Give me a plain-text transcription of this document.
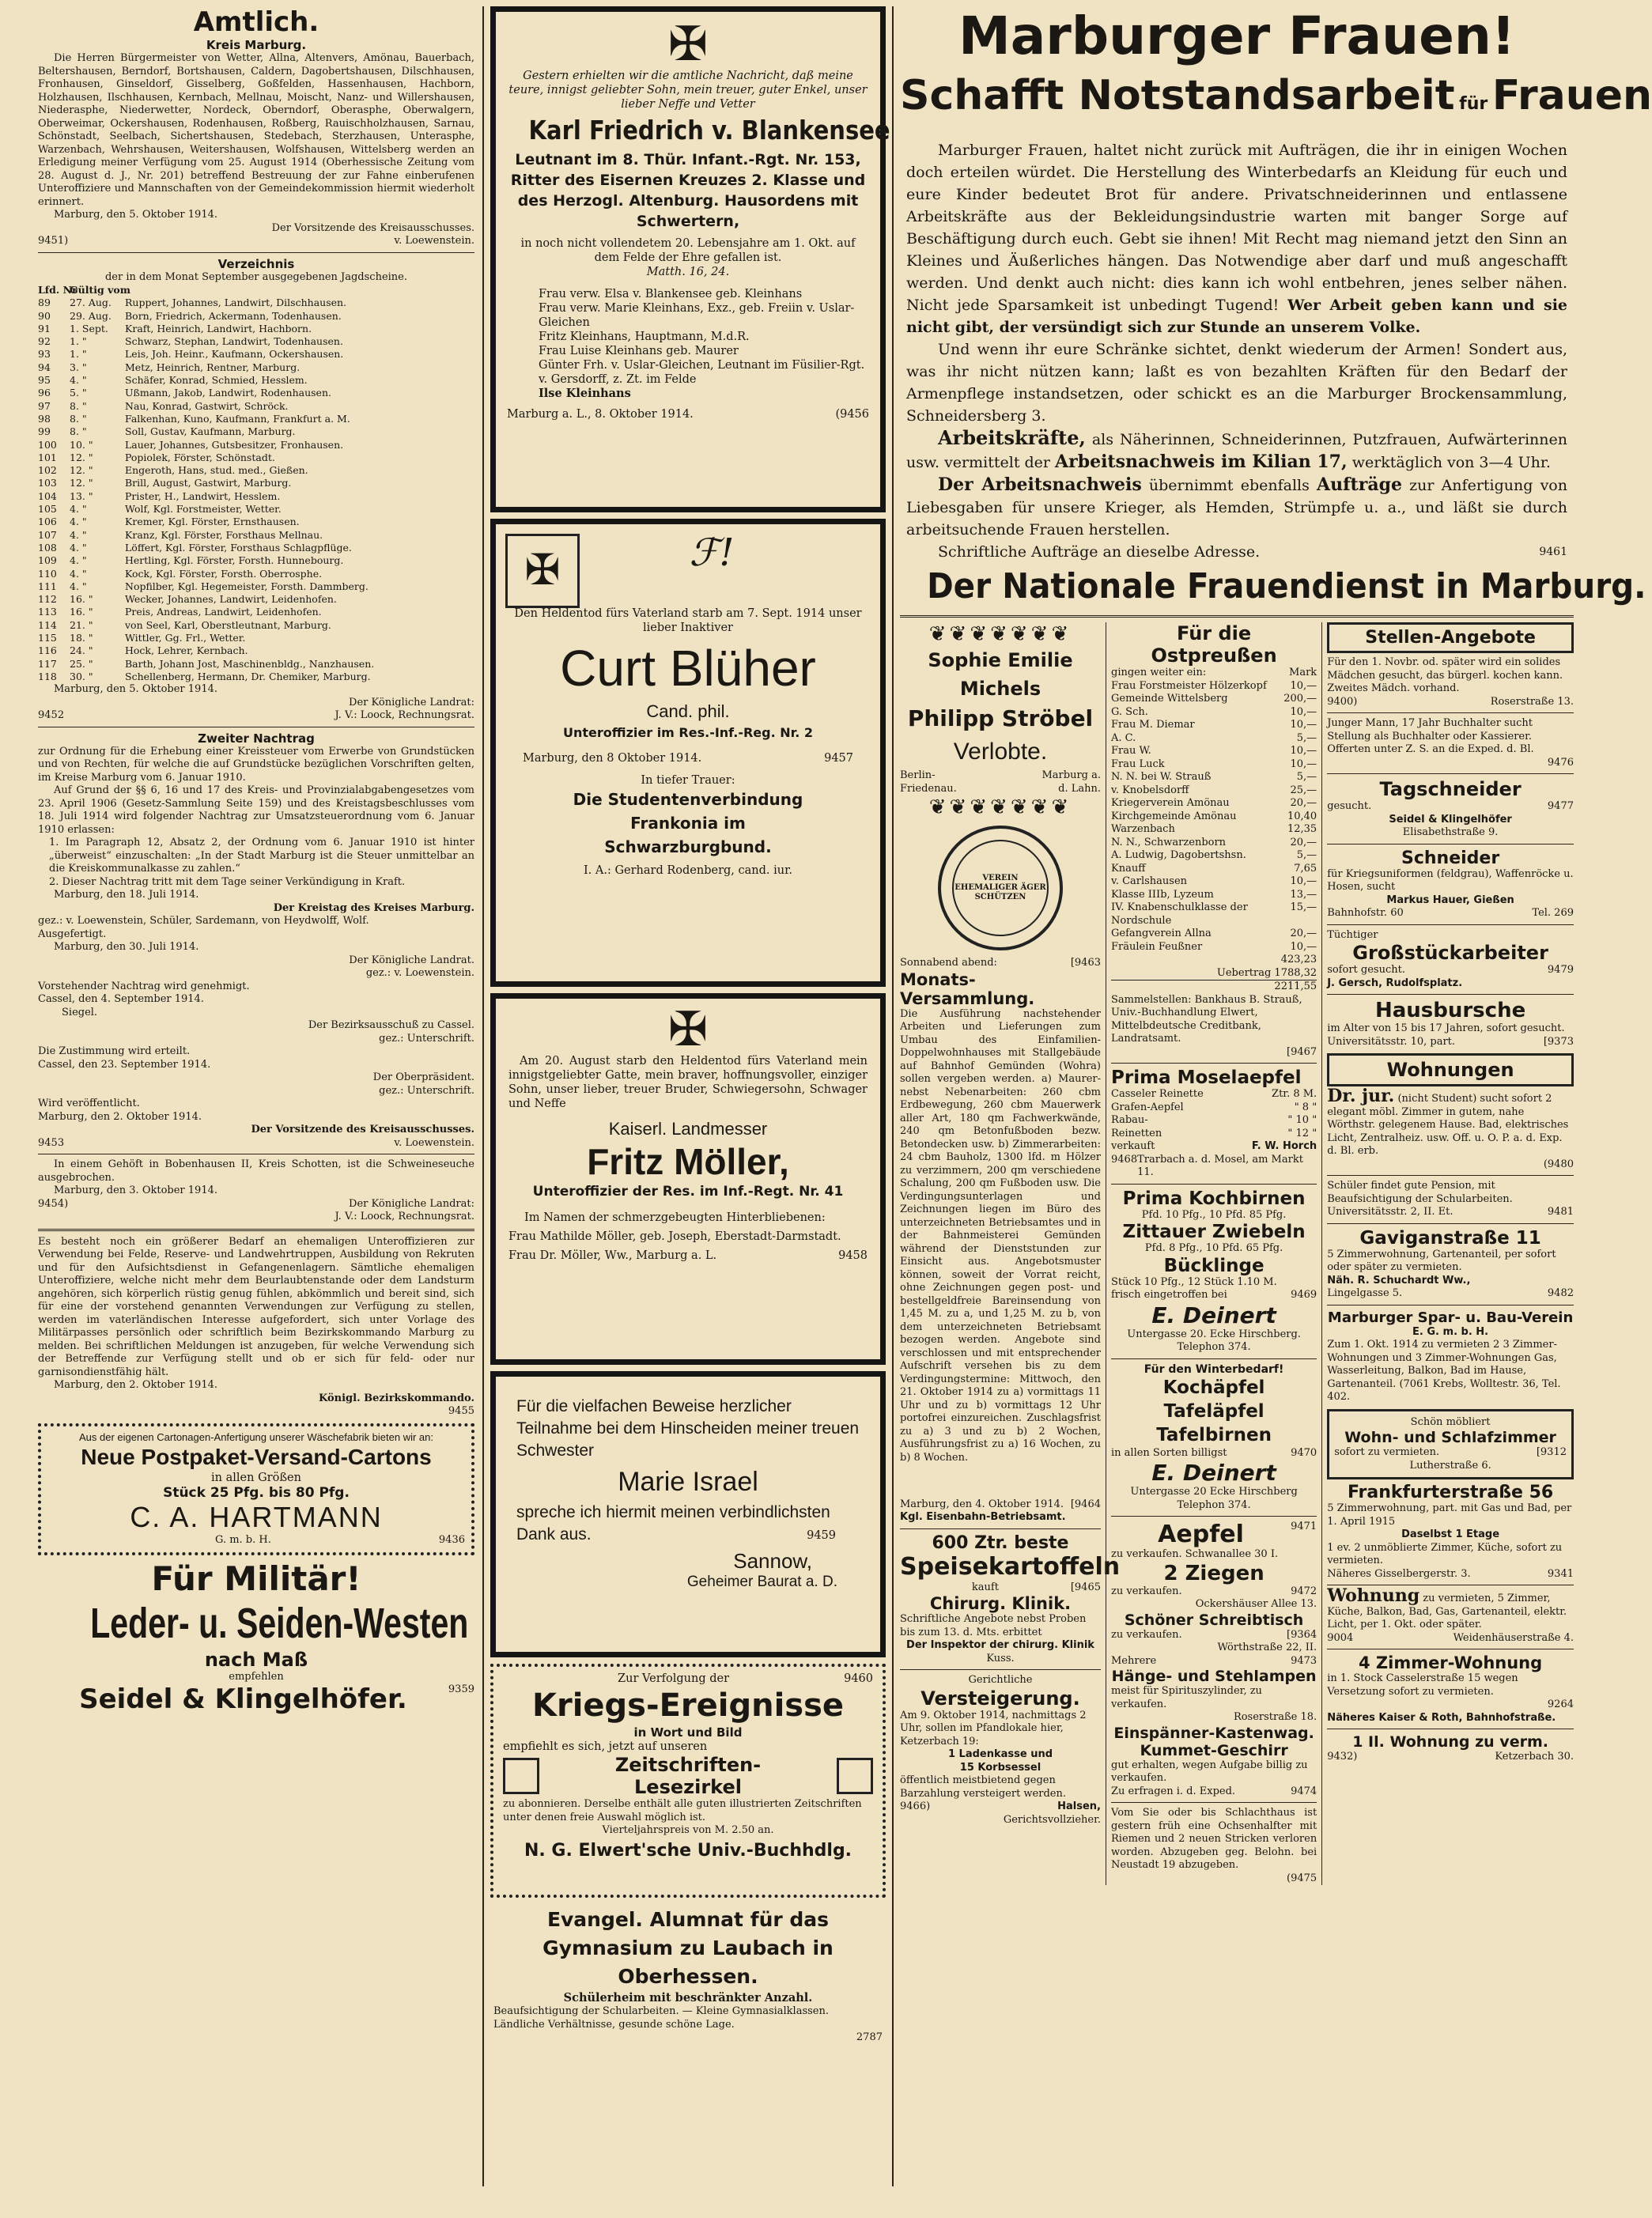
Amtlich.
Kreis Marburg.

Die Herren Bürgermeister von Wetter, Allna, Altenvers, Amönau, Bauerbach, Beltershausen, Berndorf, Bortshausen, Caldern, Dagobertshausen, Dilschhausen, Fronhausen, Ginseldorf, Gisselberg, Goßfelden, Hassenhausen, Hachborn, Holzhausen, Ilschhausen, Kernbach, Mellnau, Moischt, Nanz- und Willershausen, Niederasphe, Niederwetter, Nordeck, Oberndorf, Oberasphe, Oberwalgern, Oberweimar, Ockershausen, Rodenhausen, Roßberg, Rauischholzhausen, Sarnau, Schönstadt, Seelbach, Sichertshausen, Stedebach, Sterzhausen, Unterasphe, Warzenbach, Wehrshausen, Weitershausen, Wolfshausen, Wittelsberg werden an Erledigung meiner Verfügung vom 25. August 1914 (Oberhessische Zeitung vom 28. August d. J., Nr. 201) betreffend Bestreuung der zur Fahne einberufenen Unteroffiziere und Mannschaften von der Gemeindekommission hiermit wiederholt erinnert.

Marburg, den 5. Oktober 1914.

Der Vorsitzende des Kreisausschusses.

9451)	v. Loewenstein.
Verzeichnis

der in dem Monat September ausgegebenen Jagdscheine.

Lfd. Nr
Gültig vom
89	27. Aug.	Ruppert, Johannes, Landwirt, Dilschhausen.
90	29. Aug.	Born, Friedrich, Ackermann, Todenhausen.
91	1. Sept.	Kraft, Heinrich, Landwirt, Hachborn.
92	1. "	Schwarz, Stephan, Landwirt, Todenhausen.
93	1. "	Leis, Joh. Heinr., Kaufmann, Ockershausen.
94	3. "	Metz, Heinrich, Rentner, Marburg.
95	4. "	Schäfer, Konrad, Schmied, Hesslem.
96	5. "	Ußmann, Jakob, Landwirt, Rodenhausen.
97	8. "	Nau, Konrad, Gastwirt, Schröck.
98	8. "	Falkenhan, Kuno, Kaufmann, Frankfurt a. M.
99	8. "	Soll, Gustav, Kaufmann, Marburg.
100	10. "	Lauer, Johannes, Gutsbesitzer, Fronhausen.
101	12. "	Popiolek, Förster, Schönstadt.
102	12. "	Engeroth, Hans, stud. med., Gießen.
103	12. "	Brill, August, Gastwirt, Marburg.
104	13. "	Prister, H., Landwirt, Hesslem.
105	4. "	Wolf, Kgl. Forstmeister, Wetter.
106	4. "	Kremer, Kgl. Förster, Ernsthausen.
107	4. "	Kranz, Kgl. Förster, Forsthaus Mellnau.
108	4. "	Löffert, Kgl. Förster, Forsthaus Schlagpflüge.
109	4. "	Hertling, Kgl. Förster, Forsth. Hunnebourg.
110	4. "	Kock, Kgl. Förster, Forsth. Oberrosphe.
111	4. "	Nopfilber, Kgl. Hegemeister, Forsth. Dammberg.
112	16. "	Wecker, Johannes, Landwirt, Leidenhofen.
113	16. "	Preis, Andreas, Landwirt, Leidenhofen.
114	21. "	von Seel, Karl, Oberstleutnant, Marburg.
115	18. "	Wittler, Gg. Frl., Wetter.
116	24. "	Hock, Lehrer, Kernbach.
117	25. "	Barth, Johann Jost, Maschinenbldg., Nanzhausen.
118	30. "	Schellenberg, Hermann, Dr. Chemiker, Marburg.

Marburg, den 5. Oktober 1914.

Der Königliche Landrat:

9452	J. V.: Loock, Rechnungsrat.
Zweiter Nachtrag

zur Ordnung für die Erhebung einer Kreissteuer vom Erwerbe von Grundstücken und von Rechten, für welche die auf Grundstücke bezüglichen Vorschriften gelten, im Kreise Marburg vom 6. Januar 1910.

Auf Grund der §§ 6, 16 und 17 des Kreis- und Provinzialabgabengesetzes vom 23. April 1906 (Gesetz-Sammlung Seite 159) und des Kreistagsbeschlusses vom 18. Juli 1914 wird folgender Nachtrag zur Umsatzsteuerordnung vom 6. Januar 1910 erlassen:

1. Im Paragraph 12, Absatz 2, der Ordnung vom 6. Januar 1910 ist hinter „überweist“ einzuschalten: „In der Stadt Marburg ist die Steuer unmittelbar an die Kreiskommunalkasse zu zahlen.“

2. Dieser Nachtrag tritt mit dem Tage seiner Verkündigung in Kraft.

Marburg, den 18. Juli 1914.

Der Kreistag des Kreises Marburg.

gez.: v. Loewenstein, Schüler, Sardemann, von Heydwolff, Wolf.

Ausgefertigt.

Marburg, den 30. Juli 1914.

Der Königliche Landrat.

gez.: v. Loewenstein.

Vorstehender Nachtrag wird genehmigt.

Cassel, den 4. September 1914.

Siegel.

Der Bezirksausschuß zu Cassel.

gez.: Unterschrift.

Die Zustimmung wird erteilt.

Cassel, den 23. September 1914.

Der Oberpräsident.

gez.: Unterschrift.

Wird veröffentlicht.

Marburg, den 2. Oktober 1914.

Der Vorsitzende des Kreisausschusses.

9453	v. Loewenstein.

In einem Gehöft in Bobenhausen II, Kreis Schotten, ist die Schweineseuche ausgebrochen.

Marburg, den 3. Oktober 1914.

9454)	Der Königliche Landrat:

J. V.: Loock, Rechnungsrat.

Es besteht noch ein größerer Bedarf an ehemaligen Unteroffizieren zur Verwendung bei Felde, Reserve- und Landwehrtruppen, Ausbildung von Rekruten und für den Aufsichtsdienst in Gefangenenlagern. Sämtliche ehemaligen Unteroffiziere, welche nicht mehr dem Beurlaubtenstande oder dem Landsturm angehören, sich körperlich rüstig genug fühlen, abkömmlich und bereit sind, sich für eine der vorstehend genannten Verwendungen zur Verfügung zu stellen, werden im vaterländischen Interesse aufgefordert, sich unter Vorlage des Militärpasses persönlich oder schriftlich beim Bezirkskommando Marburg zu melden. Bei schriftlichen Meldungen ist anzugeben, für welche Verwendung sich der Betreffende zur Verfügung stellt und ob er sich für feld- oder nur garnisondienstfähig hält.

Marburg, den 2. Oktober 1914.

Königl. Bezirkskommando.

9455

Aus der eigenen Cartonagen-Anfertigung unserer Wäschefabrik bieten wir an:

Neue Postpaket-Versand-Cartons

in allen Größen

Stück 25 Pfg. bis 80 Pfg.

C. A. HARTMANN
G. m. b. H.	9436
Für Militär!
Leder- u. Seiden-Westen
nach Maß

empfehlen

Seidel & Klingelhöfer.	9359
✠

Gestern erhielten wir die amtliche Nachricht, daß meine teure, innigst geliebter Sohn, mein treuer, guter Enkel, unser lieber Neffe und Vetter

Karl Friedrich v. Blankensee

Leutnant im 8. Thür. Infant.-Rgt. Nr. 153, Ritter des Eisernen Kreuzes 2. Klasse und des Herzogl. Altenburg. Hausordens mit Schwertern,

in noch nicht vollendetem 20. Lebensjahre am 1. Okt. auf dem Felde der Ehre gefallen ist.

Matth. 16, 24.

Frau verw. Elsa v. Blankensee geb. Kleinhans

Frau verw. Marie Kleinhans, Exz., geb. Freiin v. Uslar-Gleichen

Fritz Kleinhans, Hauptmann, M.d.R.

Frau Luise Kleinhans geb. Maurer

Günter Frh. v. Uslar-Gleichen, Leutnant im Füsilier-Rgt. v. Gersdorff, z. Zt. im Felde

Ilse Kleinhans

Marburg a. L., 8. Oktober 1914.	(9456
✠	ℱ!

Den Heldentod fürs Vaterland starb am 7. Sept. 1914 unser lieber Inaktiver

Curt Blüher
Cand. phil.
Unteroffizier im Res.-Inf.-Reg. Nr. 2
Marburg, den 8 Oktober 1914.	9457

In tiefer Trauer:

Die Studentenverbindung Frankonia im Schwarzburgbund.

I. A.: Gerhard Rodenberg, cand. iur.

✠

Am 20. August starb den Heldentod fürs Vaterland mein innigstgeliebter Gatte, mein braver, hoffnungsvoller, einziger Sohn, unser lieber, treuer Bruder, Schwiegersohn, Schwager und Neffe

Kaiserl. Landmesser
Fritz Möller,
Unteroffizier der Res. im Inf.-Regt. Nr. 41

Im Namen der schmerzgebeugten Hinterbliebenen:

Frau Mathilde Möller, geb. Joseph, Eberstadt-Darmstadt.

Frau Dr. Möller, Ww., Marburg a. L.	9458

Für die vielfachen Beweise herzlicher Teilnahme bei dem Hinscheiden meiner treuen Schwester

Marie Israel

spreche ich hiermit meinen verbindlichsten Dank aus.	9459

Sannow,
Geheimer Baurat a. D.
Zur Verfolgung der	9460
Kriegs-Ereignisse
in Wort und Bild

empfiehlt es sich, jetzt auf unseren

Zeitschriften-Lesezirkel

zu abonnieren. Derselbe enthält alle guten illustrierten Zeitschriften unter denen freie Auswahl möglich ist.

Vierteljahrspreis von M. 2.50 an.

N. G. Elwert'sche Univ.-Buchhdlg.
Evangel. Alumnat für das Gymnasium zu Laubach in Oberhessen.

Schülerheim mit beschränkter Anzahl.

Beaufsichtigung der Schularbeiten. — Kleine Gymnasialklassen. Ländliche Verhältnisse, gesunde schöne Lage.

2787

Marburger Frauen!
Schafft Notstandsarbeit für Frauen

Marburger Frauen, haltet nicht zurück mit Aufträgen, die ihr in einigen Wochen doch erteilen würdet. Die Herstellung des Winterbedarfs an Kleidung für euch und eure Kinder bedeutet Brot für andere. Privatschneiderinnen und entlassene Arbeitskräfte aus der Bekleidungsindustrie warten mit banger Sorge auf Beschäftigung durch euch. Gebt sie ihnen! Mit Recht mag niemand jetzt den Sinn an Kleines und Äußerliches hängen. Das Notwendige aber darf und muß angeschafft werden. Und denkt auch nicht: dies kann ich wohl entbehren, jenes selber nähen. Nicht jede Sparsamkeit ist unbedingt Tugend! Wer Arbeit geben kann und sie nicht gibt, der versündigt sich zur Stunde an unserem Volke.

Und wenn ihr eure Schränke sichtet, denkt wiederum der Armen! Sondert aus, was ihr nicht nützen kann; laßt es von bezahlten Kräften für den Bedarf der Armenpflege instandsetzen, oder schickt es an die Marburger Brockensammlung, Schneidersberg 3.

Arbeitskräfte, als Näherinnen, Schneiderinnen, Putzfrauen, Aufwärterinnen usw. vermittelt der Arbeitsnachweis im Kilian 17, werktäglich von 3—4 Uhr.

Der Arbeitsnachweis übernimmt ebenfalls Aufträge zur Anfertigung von Liebesgaben für unsere Krieger, als Hemden, Strümpfe u. a., und läßt sie durch arbeitsuchende Frauen herstellen.

Schriftliche Aufträge an dieselbe Adresse.	9461
Der Nationale Frauendienst in Marburg.
❦❦❦❦❦❦❦
Sophie Emilie Michels
Philipp Ströbel
Verlobte.
Berlin-Friedenau.
Marburg a. d. Lahn.
❦❦❦❦❦❦❦
VEREIN EHEMALIGER ÄGER SCHÜTZEN
Sonnabend abend:	[9463
Monats-Versammlung.

Die Ausführung nachstehender Arbeiten und Lieferungen zum Umbau des Einfamilien-Doppelwohnhauses mit Stallgebäude auf Bahnhof Gemünden (Wohra) sollen vergeben werden. a) Maurer-nebst Nebenarbeiten: 260 cbm Erdbewegung, 260 cbm Mauerwerk aller Art, 180 qm Fachwerkwände, 240 qm Betonfußboden bezw. Betondecken usw. b) Zimmerarbeiten: 24 cbm Bauholz, 1300 lfd. m Hölzer zu verzimmern, 200 qm verschiedene Schalung, 200 qm Fußboden usw. Die Verdingungsunterlagen und Zeichnungen liegen im Büro des unterzeichneten Betriebsamtes und in der Bahnmeisterei Gemünden während der Dienststunden zur Einsicht aus. Angebotsmuster können, soweit der Vorrat reicht, ohne Zeichnungen gegen post- und bestellgeldfreie Bareinsendung von 1,45 M. zu a, und 1,25 M. zu b, von dem unterzeichneten Betriebsamt bezogen werden. Angebote sind verschlossen und mit entsprechender Aufschrift versehen bis zu dem Verdingungstermine: Mittwoch, den 21. Oktober 1914 zu a) vormittags 11 Uhr und zu b) vormittags 12 Uhr portofrei einzureichen. Zuschlagsfrist zu a) 3 und zu b) 2 Wochen, Ausführungsfrist zu a) 16 Wochen, zu b) 8 Wochen.

Marburg, den 4. Oktober 1914. [9464

Kgl. Eisenbahn-Betriebsamt.

600 Ztr. beste
Speisekartoffeln
kauft	[9465
Chirurg. Klinik.

Schriftliche Angebote nebst Proben bis zum 13. d. Mts. erbittet

Der Inspektor der chirurg. Klinik

Kuss.

Gerichtliche

Versteigerung.

Am 9. Oktober 1914, nachmittags 2 Uhr, sollen im Pfandlokale hier, Ketzerbach 19:

1 Ladenkasse und

15 Korbsessel

öffentlich meistbietend gegen Barzahlung versteigert werden.

9466)	Halsen,

Gerichtsvollzieher.

Für die Ostpreußen
gingen weiter ein:	Mark
Frau Forstmeister Hölzerkopf	10,—
Gemeinde Wittelsberg	200,—
G. Sch.	10,—
Frau M. Diemar	10,—
A. C.	5,—
Frau W.	10,—
Frau Luck	10,—
N. N. bei W. Strauß	5,—
v. Knobelsdorff	25,—
Kriegerverein Amönau	20,—
Kirchgemeinde Amönau	10,40
Warzenbach	12,35
N. N., Schwarzenborn	20,—
A. Ludwig, Dagobertshsn.	5,—
Knauff	7,65
v. Carlshausen	10,—
Klasse IIIb, Lyzeum	13,—
IV. Knabenschulklasse der Nordschule
15,—
Gefangverein Allna	20,—
Fräulein Feußner	10,—

423,23

Uebertrag 1788,32

2211,55

Sammelstellen: Bankhaus B. Strauß, Univ.-Buchhandlung Elwert, Mittelbdeutsche Creditbank, Landratsamt.

[9467

Prima Moselaepfel
Casseler Reinette	Ztr. 8 M.
Grafen-Aepfel	" 8 "
Rabau-	" 10 "
Reinetten	" 12 "
verkauft	F. W. Horch
9468 Trarbach a. d. Mosel, am Markt 11.
Prima Kochbirnen

Pfd. 10 Pfg., 10 Pfd. 85 Pfg.

Zittauer Zwiebeln

Pfd. 8 Pfg., 10 Pfd. 65 Pfg.

Bücklinge

Stück 10 Pfg., 12 Stück 1.10 M.

frisch eingetroffen bei	9469
E. Deinert

Untergasse 20. Ecke Hirschberg.

Telephon 374.

Für den Winterbedarf!
Kochäpfel
Tafeläpfel
Tafelbirnen
in allen Sorten billigst	9470
E. Deinert

Untergasse 20 Ecke Hirschberg

Telephon 374.

Aepfel	9471

zu verkaufen. Schwanallee 30 I.

2 Ziegen
zu verkaufen.	9472

Ockershäuser Allee 13.

Schöner Schreibtisch
zu verkaufen.	[9364

Wörthstraße 22, II.

Mehrere	9473
Hänge- und Stehlampen

meist für Spirituszylinder, zu verkaufen.

Roserstraße 18.

Einspänner-Kastenwag.
Kummet-Geschirr

gut erhalten, wegen Aufgabe billig zu verkaufen.

Zu erfragen i. d. Exped.	9474

Vom Sie oder bis Schlachthaus ist gestern früh eine Ochsenhalfter mit Riemen und 2 neuen Stricken verloren worden. Abzugeben geg. Belohn. bei Neustadt 19 abzugeben.

(9475

Stellen-Angebote

Für den 1. Novbr. od. später wird ein solides Mädchen gesucht, das bürgerl. kochen kann. Zweites Mädch. vorhand.

9400)	Roserstraße 13.

Junger Mann, 17 Jahr Buchhalter sucht Stellung als Buchhalter oder Kassierer. Offerten unter Z. S. an die Exped. d. Bl.

9476

Tagschneider
gesucht.	9477

Seidel & Klingelhöfer

Elisabethstraße 9.

Schneider

für Kriegsuniformen (feldgrau), Waffenröcke u. Hosen, sucht

Markus Hauer, Gießen

Bahnhofstr. 60	Tel. 269

Tüchtiger

Großstückarbeiter
sofort gesucht.	9479

J. Gersch, Rudolfsplatz.

Hausbursche

im Alter von 15 bis 17 Jahren, sofort gesucht.

Universitätsstr. 10, part.	[9373
Wohnungen

Dr. jur. (nicht Student) sucht sofort 2 elegant möbl. Zimmer in gutem, nahe Wörthstr. gelegenem Hause. Bad, elektrisches Licht, Zentralheiz. usw. Off. u. O. P. a. d. Exp. d. Bl. erb.

(9480

Schüler findet gute Pension, mit Beaufsichtigung der Schularbeiten.

Universitätsstr. 2, II. Et.	9481
Gaviganstraße 11

5 Zimmerwohnung, Gartenanteil, per sofort oder später zu vermieten.

Näh. R. Schuchardt Ww.,

Lingelgasse 5.	9482
Marburger Spar- u. Bau-Verein

E. G. m. b. H.

Zum 1. Okt. 1914 zu vermieten 2 3 Zimmer-Wohnungen und 3 Zimmer-Wohnungen Gas, Wasserleitung, Balkon, Bad im Hause, Gartenanteil. (7061 Krebs, Wolltestr. 36, Tel. 402.

Schön möbliert

Wohn- und Schlafzimmer
sofort zu vermieten.	[9312

Lutherstraße 6.

Frankfurterstraße 56

5 Zimmerwohnung, part. mit Gas und Bad, per 1. April 1915

Daselbst 1 Etage

1 ev. 2 unmöblierte Zimmer, Küche, sofort zu vermieten.

Näheres Gisselbergerstr. 3.	9341

Wohnung zu vermieten, 5 Zimmer, Küche, Balkon, Bad, Gas, Gartenanteil, elektr. Licht, per 1. Okt. oder später.

9004	Weidenhäuserstraße 4.
4 Zimmer-Wohnung

in 1. Stock Casselerstraße 15 wegen Versetzung sofort zu vermieten.

9264

Näheres Kaiser & Roth, Bahnhofstraße.

1 Il. Wohnung zu verm.
9432)	Ketzerbach 30.
